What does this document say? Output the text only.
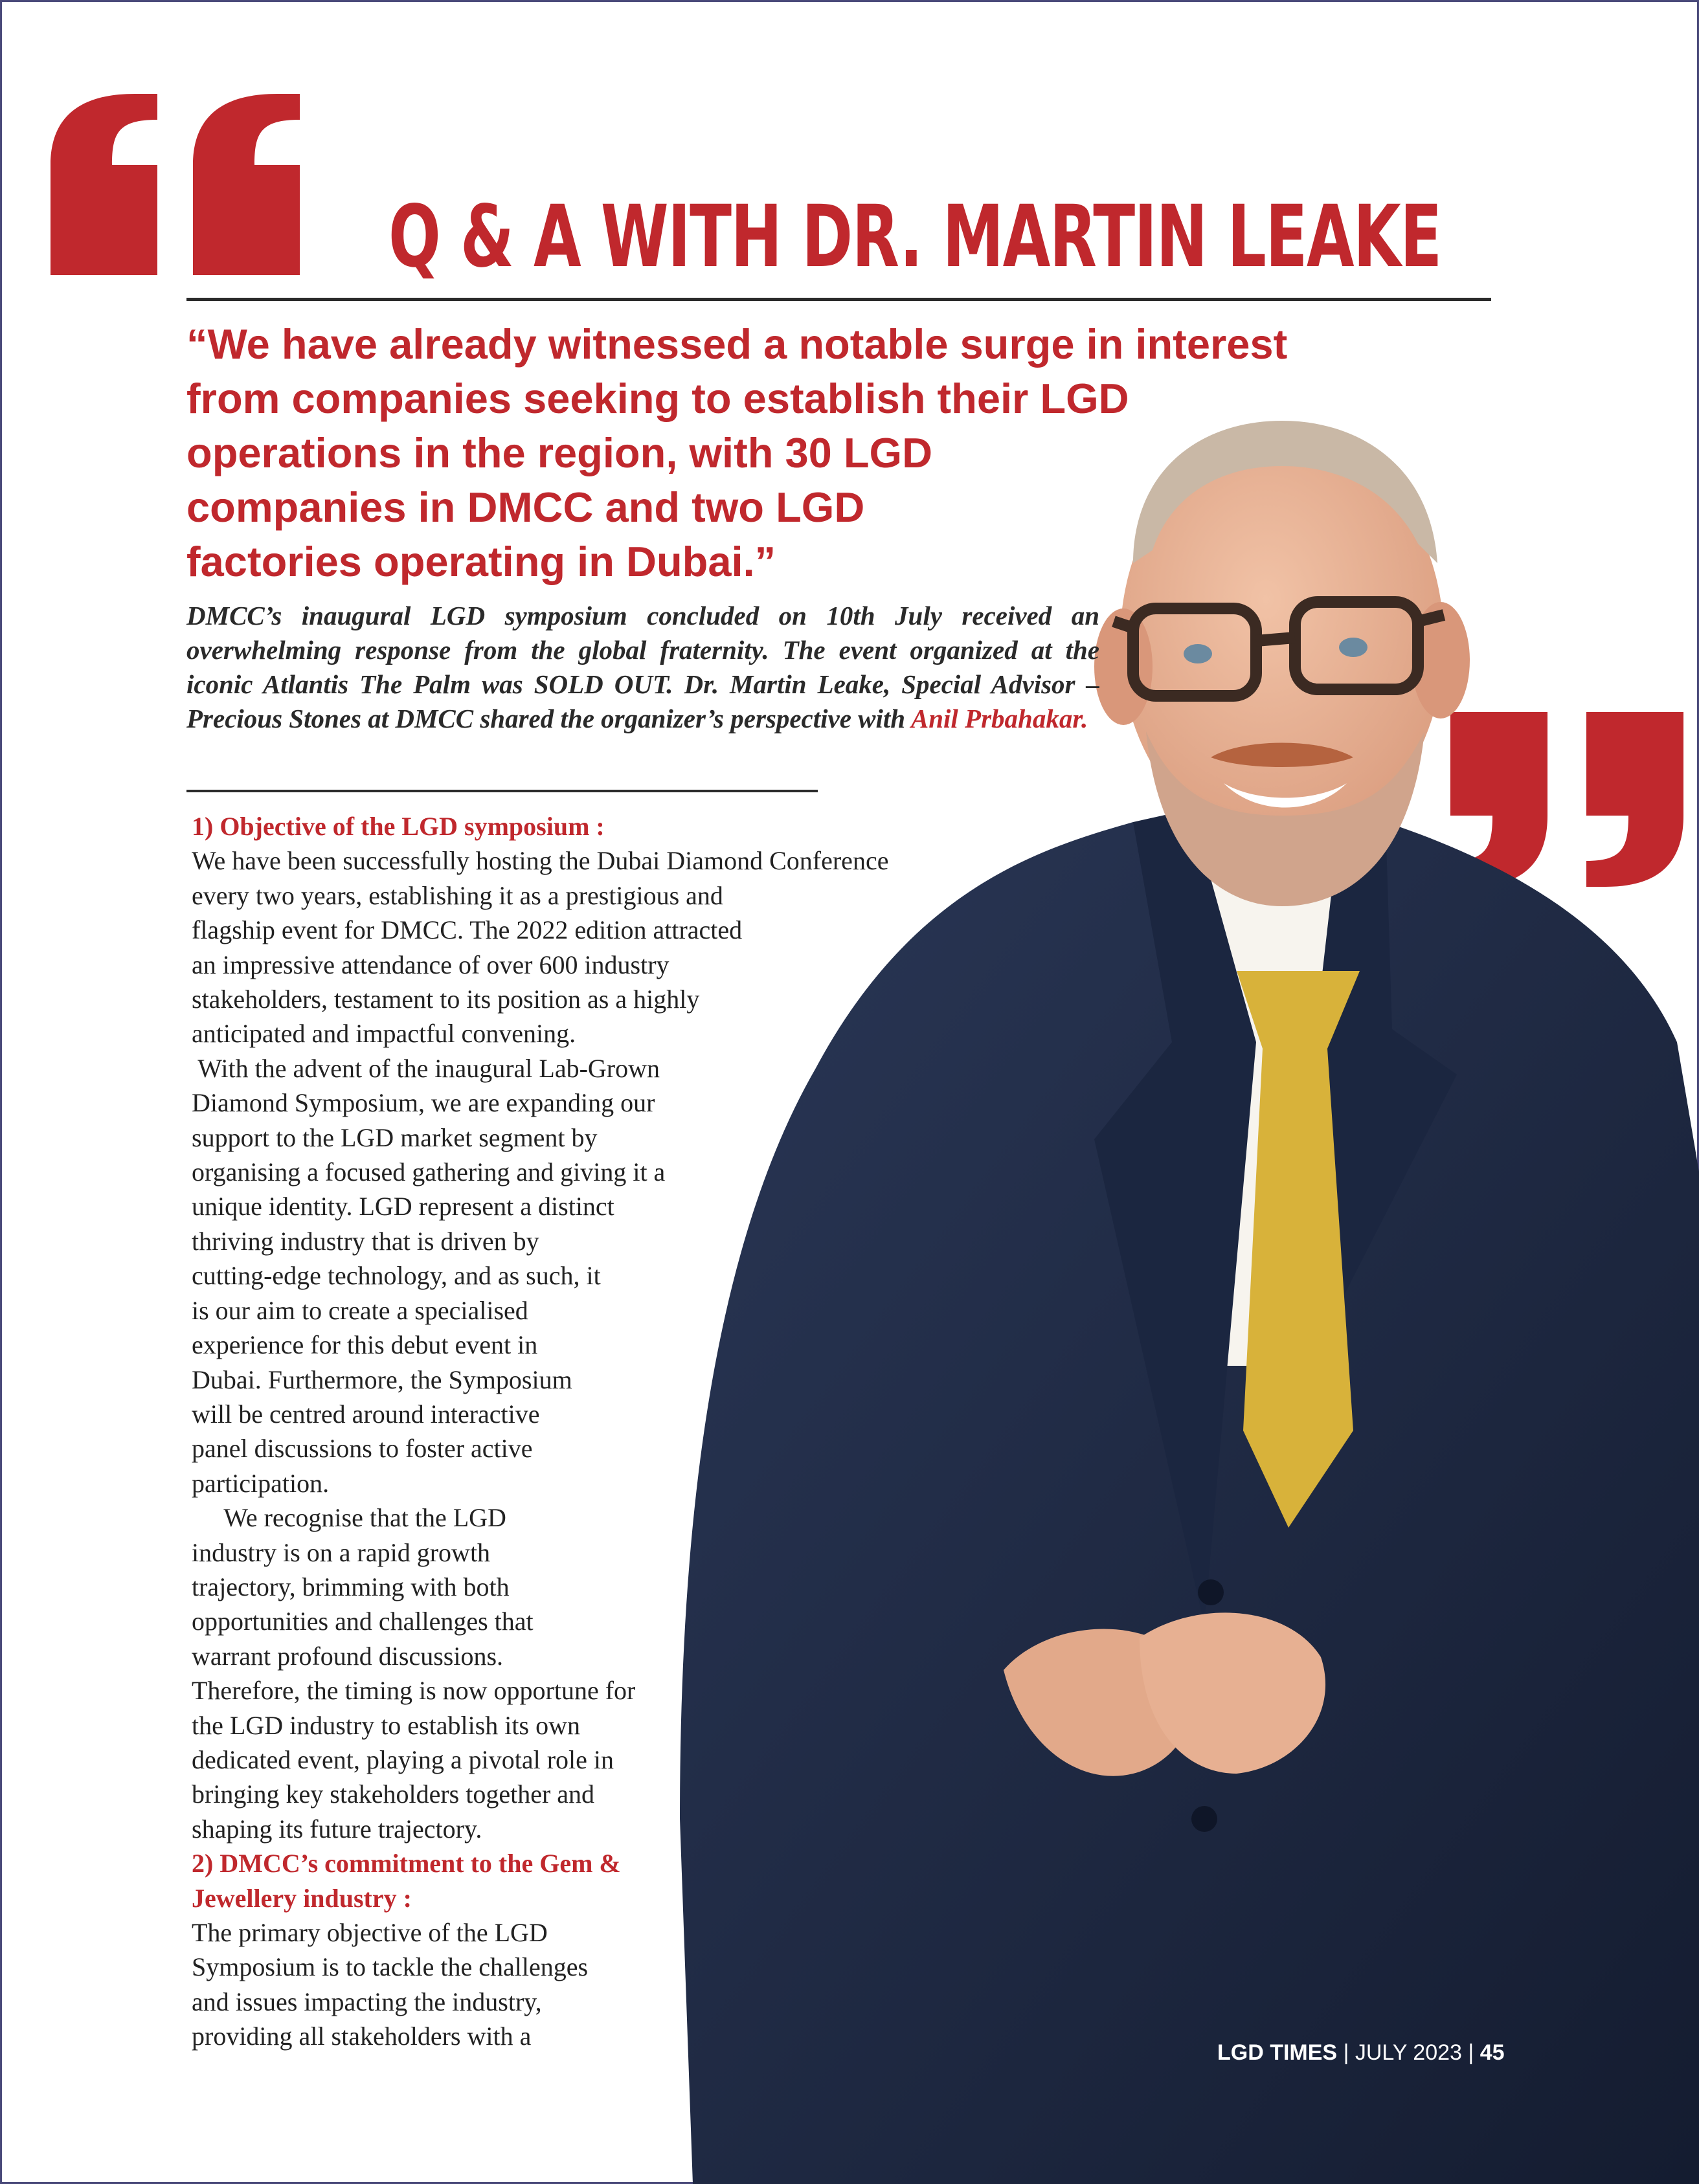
Q & A WITH DR. MARTIN LEAKE
“We have already witnessed a notable surge in interest
from companies seeking to establish their LGD
operations in the region, with 30 LGD
companies in DMCC and two LGD
factories operating in Dubai.”
DMCC’s inaugural LGD symposium concluded on 10th July received an overwhelming response from the global fraternity. The event organized at the iconic Atlantis The Palm was SOLD OUT. Dr. Martin Leake, Special Advisor – Precious Stones at DMCC shared the organizer’s perspective with Anil Prbahakar.
1) Objective of the LGD symposium :
We have been successfully hosting the Dubai Diamond Conference
every two years, establishing it as a prestigious and
flagship event for DMCC. The 2022 edition attracted
an impressive attendance of over 600 industry
stakeholders, testament to its position as a highly
anticipated and impactful convening.
With the advent of the inaugural Lab-Grown
Diamond Symposium, we are expanding our
support to the LGD market segment by
organising a focused gathering and giving it a
unique identity. LGD represent a distinct
thriving industry that is driven by
cutting-edge technology, and as such, it
is our aim to create a specialised
experience for this debut event in
Dubai. Furthermore, the Symposium
will be centred around interactive
panel discussions to foster active
participation.
We recognise that the LGD
industry is on a rapid growth
trajectory, brimming with both
opportunities and challenges that
warrant profound discussions.
Therefore, the timing is now opportune for
the LGD industry to establish its own
dedicated event, playing a pivotal role in
bringing key stakeholders together and
shaping its future trajectory.
2) DMCC’s commitment to the Gem &
Jewellery industry :
The primary objective of the LGD
Symposium is to tackle the challenges
and issues impacting the industry,
providing all stakeholders with a
LGD TIMES | JULY 2023 | 45
